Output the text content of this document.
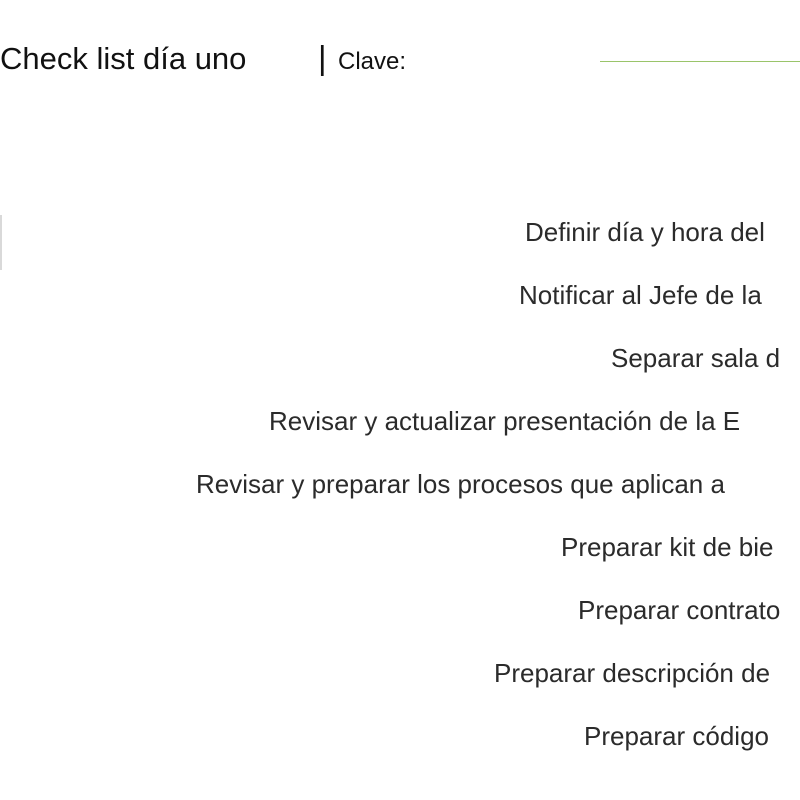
Check list día uno | Clave:
Definir día y hora del
Notificar al Jefe de la
Separar sala d
Revisar y actualizar presentación de la E
Revisar y preparar los procesos que aplican a
Preparar kit de bie
Preparar contrato
Preparar descripción de
Preparar código
